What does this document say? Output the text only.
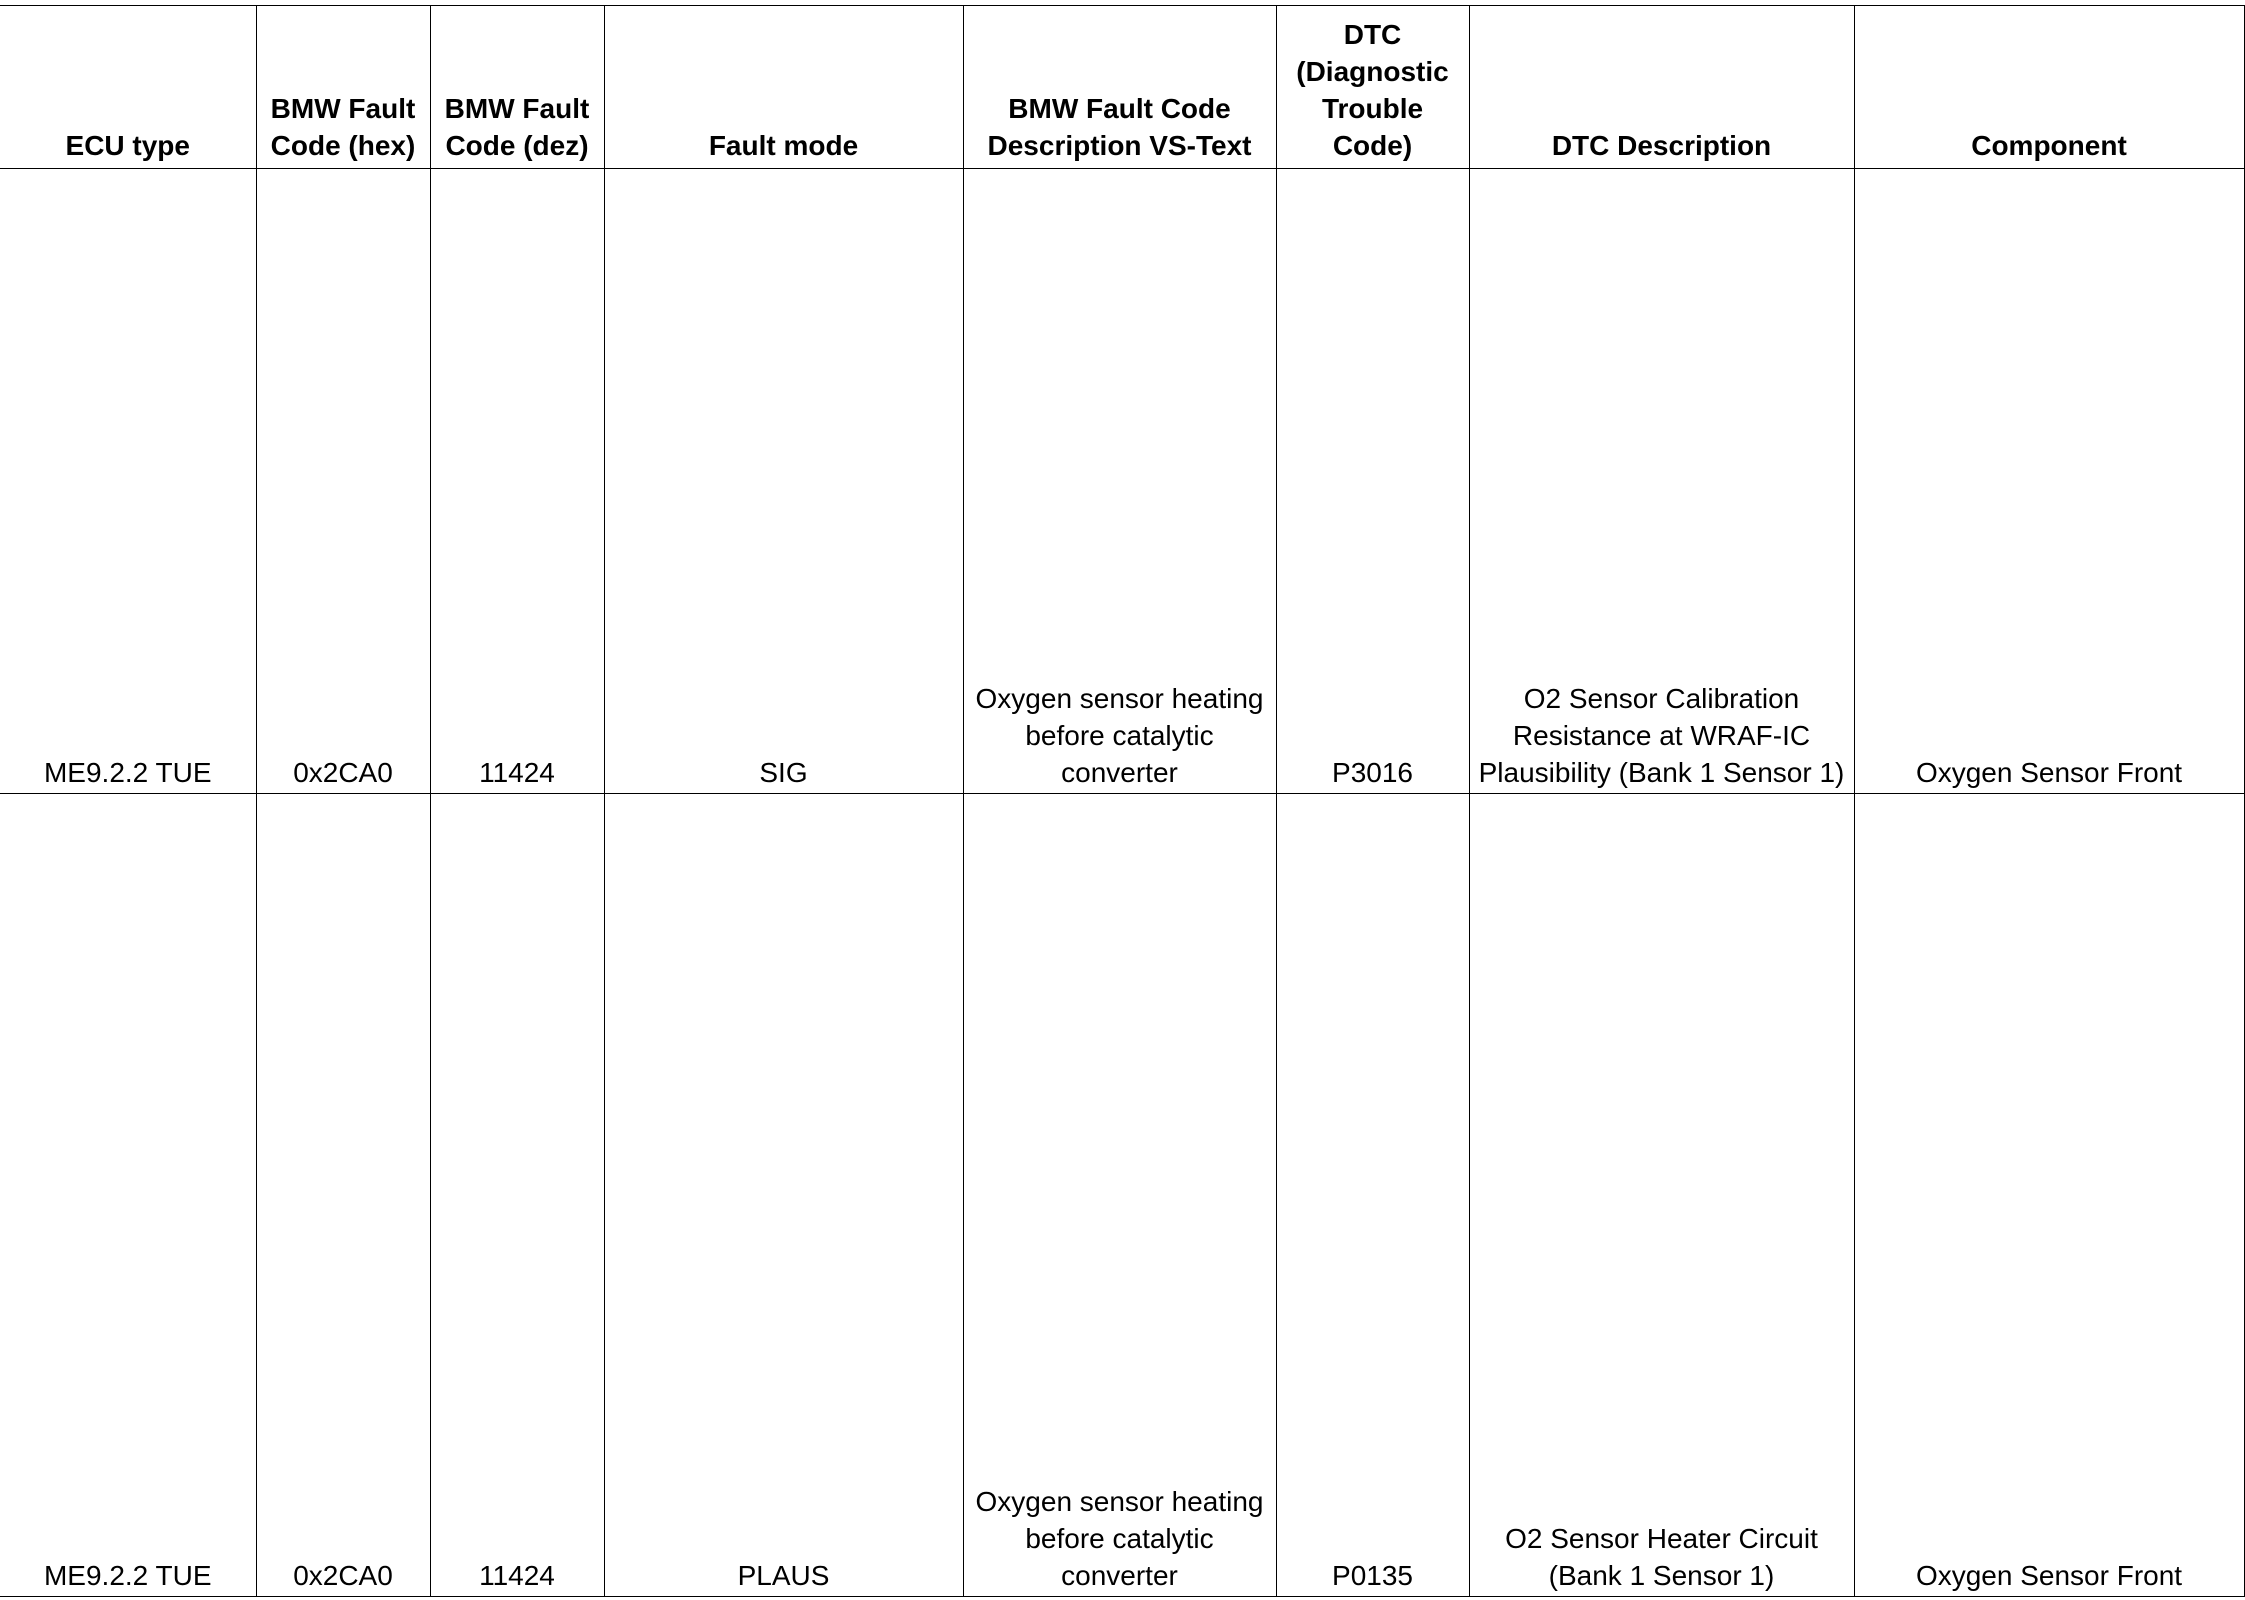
ECU type	BMW Fault Code (hex)	BMW Fault Code (dez)	Fault mode	BMW Fault Code Description VS-Text	DTC (Diagnostic Trouble Code)	DTC Description	Component

ME9.2.2 TUE	0x2CA0	11424	SIG	Oxygen sensor heating before catalytic converter	P3016	O2 Sensor Calibration Resistance at WRAF-IC Plausibility (Bank 1 Sensor 1)	Oxygen Sensor Front

ME9.2.2 TUE	0x2CA0	11424	PLAUS	Oxygen sensor heating before catalytic converter	P0135	O2 Sensor Heater Circuit (Bank 1 Sensor 1)	Oxygen Sensor Front
